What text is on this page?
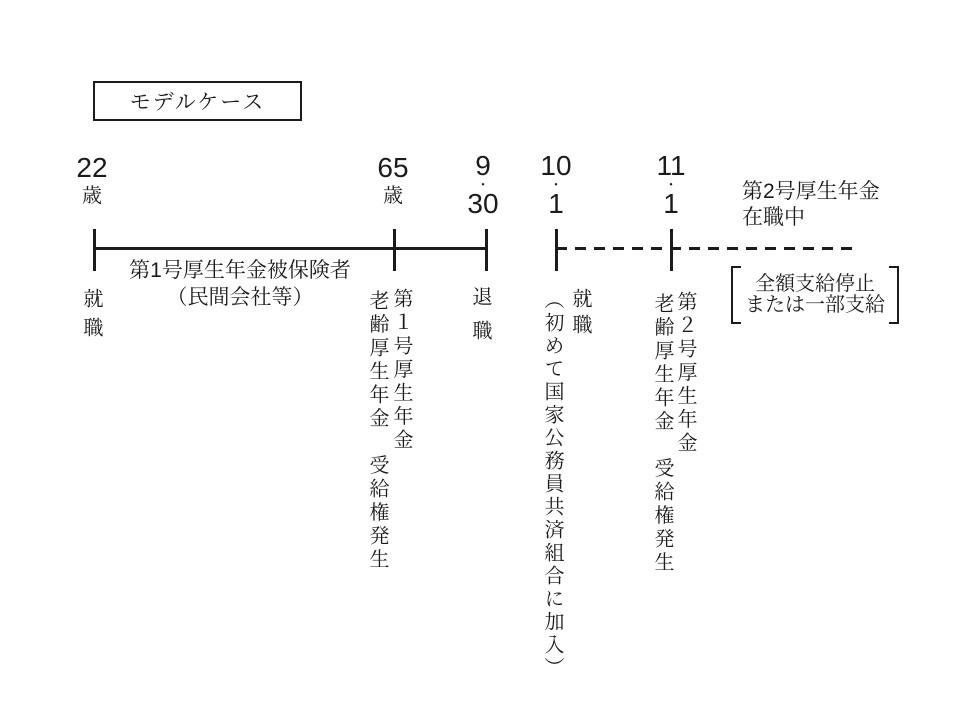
モデルケース
22
歳
65
歳
9
・
30
10
・
1
11
・
1
第1号厚生年金被保険者
（民間会社等）
第2号厚生年金
在職中
全額支給停止
または一部支給
就職	第１号厚生年金
老齢厚生年金　受給権発生	退職	就職
（初めて国家公務員共済組合に加入）	第２号厚生年金
老齢厚生年金　受給権発生
